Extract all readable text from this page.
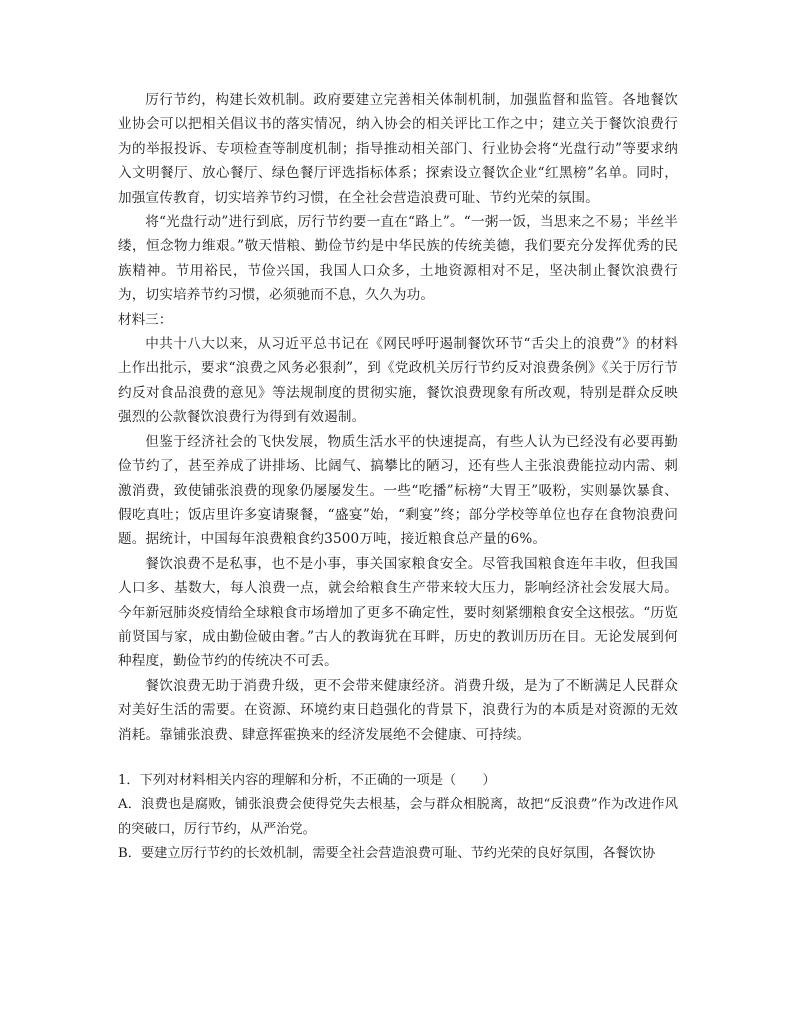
厉行节约，构建长效机制。政府要建立完善相关体制机制，加强监督和监管。各地餐饮业协会可以把相关倡议书的落实情况，纳入协会的相关评比工作之中；建立关于餐饮浪费行为的举报投诉、专项检查等制度机制；指导推动相关部门、行业协会将“光盘行动”等要求纳入文明餐厅、放心餐厅、绿色餐厅评选指标体系；探索设立餐饮企业“红黑榜”名单。同时，加强宣传教育，切实培养节约习惯，在全社会营造浪费可耻、节约光荣的氛围。

将“光盘行动”进行到底，厉行节约要一直在“路上”。“一粥一饭，当思来之不易；半丝半缕，恒念物力维艰。”敬天惜粮、勤俭节约是中华民族的传统美德，我们要充分发挥优秀的民族精神。节用裕民，节俭兴国，我国人口众多，土地资源相对不足，坚决制止餐饮浪费行为，切实培养节约习惯，必须驰而不息，久久为功。

材料三：

中共十八大以来，从习近平总书记在《网民呼吁遏制餐饮环节“舌尖上的浪费”》的材料上作出批示，要求“浪费之风务必狠刹”，到《党政机关厉行节约反对浪费条例》《关于厉行节约反对食品浪费的意见》等法规制度的贯彻实施，餐饮浪费现象有所改观，特别是群众反映强烈的公款餐饮浪费行为得到有效遏制。

但鉴于经济社会的飞快发展，物质生活水平的快速提高，有些人认为已经没有必要再勤俭节约了，甚至养成了讲排场、比阔气、搞攀比的陋习，还有些人主张浪费能拉动内需、刺激消费，致使铺张浪费的现象仍屡屡发生。一些“吃播”标榜“大胃王”吸粉，实则暴饮暴食、假吃真吐；饭店里许多宴请聚餐，“盛宴”始，“剩宴”终；部分学校等单位也存在食物浪费问题。据统计，中国每年浪费粮食约3500万吨，接近粮食总产量的6%。

餐饮浪费不是私事，也不是小事，事关国家粮食安全。尽管我国粮食连年丰收，但我国人口多、基数大，每人浪费一点，就会给粮食生产带来较大压力，影响经济社会发展大局。今年新冠肺炎疫情给全球粮食市场增加了更多不确定性，要时刻紧绷粮食安全这根弦。“历览前贤国与家，成由勤俭破由奢。”古人的教诲犹在耳畔，历史的教训历历在目。无论发展到何种程度，勤俭节约的传统决不可丢。

餐饮浪费无助于消费升级，更不会带来健康经济。消费升级，是为了不断满足人民群众对美好生活的需要。在资源、环境约束日趋强化的背景下，浪费行为的本质是对资源的无效消耗。靠铺张浪费、肆意挥霍换来的经济发展绝不会健康、可持续。

1．下列对材料相关内容的理解和分析，不正确的一项是（　　）

A．浪费也是腐败，铺张浪费会使得党失去根基，会与群众相脱离，故把“反浪费”作为改进作风的突破口，厉行节约，从严治党。

B．要建立厉行节约的长效机制，需要全社会营造浪费可耻、节约光荣的良好氛围，各餐饮协
